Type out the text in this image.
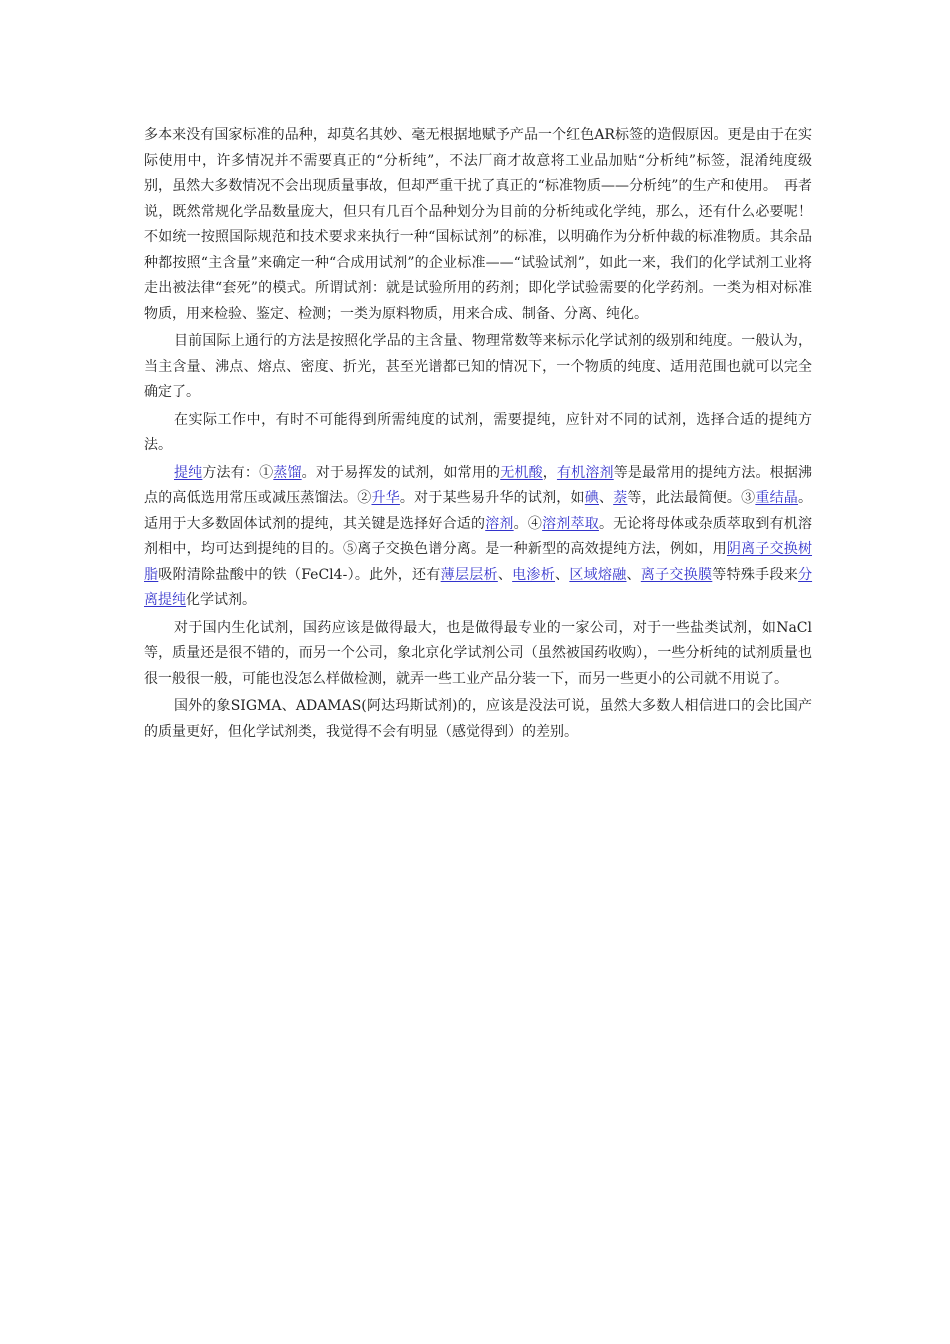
多本来没有国家标准的品种，却莫名其妙、毫无根据地赋予产品一个红色AR标签的造假原因。更是由于在实际使用中，许多情况并不需要真正的“分析纯”，不法厂商才故意将工业品加贴“分析纯”标签，混淆纯度级别，虽然大多数情况不会出现质量事故，但却严重干扰了真正的“标准物质——分析纯”的生产和使用。　再者说，既然常规化学品数量庞大，但只有几百个品种划分为目前的分析纯或化学纯，那么，还有什么必要呢！不如统一按照国际规范和技术要求来执行一种“国标试剂”的标准，以明确作为分析仲裁的标准物质。其余品种都按照“主含量”来确定一种“合成用试剂”的企业标准——“试验试剂”，如此一来，我们的化学试剂工业将走出被法律“套死”的模式。所谓试剂：就是试验所用的药剂；即化学试验需要的化学药剂。一类为相对标准物质，用来检验、鉴定、检测；一类为原料物质，用来合成、制备、分离、纯化。

目前国际上通行的方法是按照化学品的主含量、物理常数等来标示化学试剂的级别和纯度。一般认为，当主含量、沸点、熔点、密度、折光，甚至光谱都已知的情况下，一个物质的纯度、适用范围也就可以完全确定了。

在实际工作中，有时不可能得到所需纯度的试剂，需要提纯，应针对不同的试剂，选择合适的提纯方法。

提纯方法有：①蒸馏。对于易挥发的试剂，如常用的无机酸，有机溶剂等是最常用的提纯方法。根据沸点的高低选用常压或减压蒸馏法。②升华。对于某些易升华的试剂，如碘、萘等，此法最简便。③重结晶。适用于大多数固体试剂的提纯，其关键是选择好合适的溶剂。④溶剂萃取。无论将母体或杂质萃取到有机溶剂相中，均可达到提纯的目的。⑤离子交换色谱分离。是一种新型的高效提纯方法，例如，用阴离子交换树脂吸附清除盐酸中的铁（FeCl4-）。此外，还有薄层层析、电渗析、区域熔融、离子交换膜等特殊手段来分离提纯化学试剂。

对于国内生化试剂，国药应该是做得最大，也是做得最专业的一家公司，对于一些盐类试剂，如NaCl等，质量还是很不错的，而另一个公司，象北京化学试剂公司（虽然被国药收购），一些分析纯的试剂质量也很一般很一般，可能也没怎么样做检测，就弄一些工业产品分装一下，而另一些更小的公司就不用说了。

国外的象SIGMA、ADAMAS(阿达玛斯试剂)的，应该是没法可说，虽然大多数人相信进口的会比国产的质量更好，但化学试剂类，我觉得不会有明显（感觉得到）的差别。
